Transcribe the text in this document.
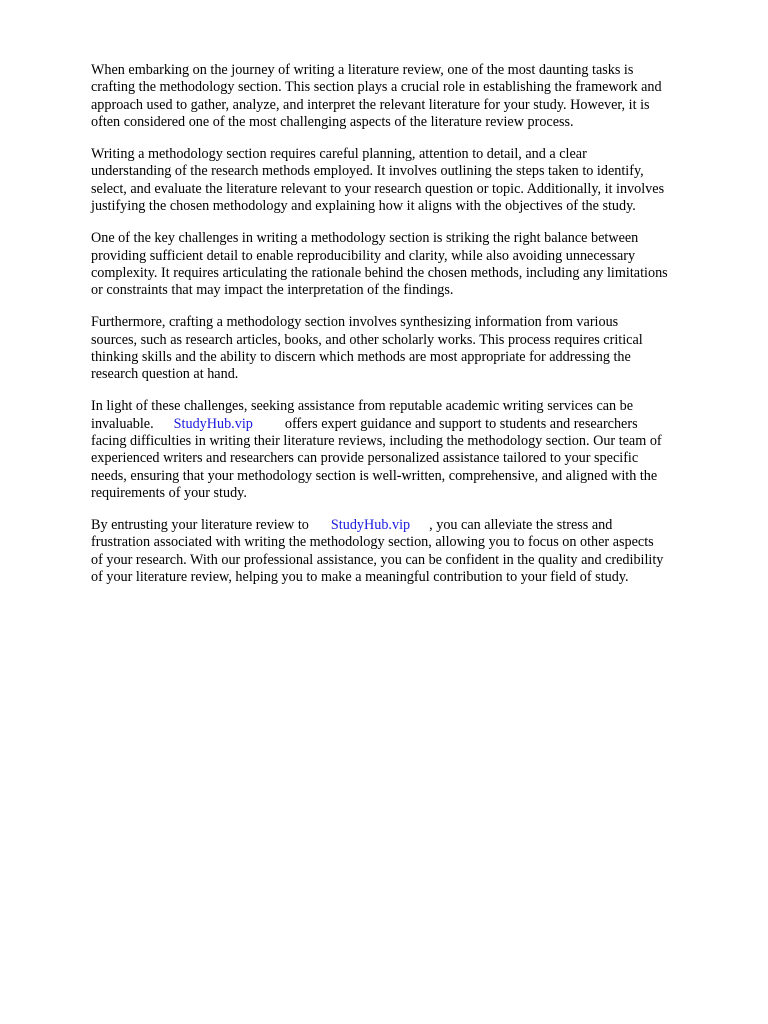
When embarking on the journey of writing a literature review, one of the most daunting tasks is
crafting the methodology section. This section plays a crucial role in establishing the framework and
approach used to gather, analyze, and interpret the relevant literature for your study. However, it is
often considered one of the most challenging aspects of the literature review process.

Writing a methodology section requires careful planning, attention to detail, and a clear
understanding of the research methods employed. It involves outlining the steps taken to identify,
select, and evaluate the literature relevant to your research question or topic. Additionally, it involves
justifying the chosen methodology and explaining how it aligns with the objectives of the study.

One of the key challenges in writing a methodology section is striking the right balance between
providing sufficient detail to enable reproducibility and clarity, while also avoiding unnecessary
complexity. It requires articulating the rationale behind the chosen methods, including any limitations
or constraints that may impact the interpretation of the findings.

Furthermore, crafting a methodology section involves synthesizing information from various
sources, such as research articles, books, and other scholarly works. This process requires critical
thinking skills and the ability to discern which methods are most appropriate for addressing the
research question at hand.

In light of these challenges, seeking assistance from reputable academic writing services can be
invaluable. StudyHub.vip offers expert guidance and support to students and researchers
facing difficulties in writing their literature reviews, including the methodology section. Our team of
experienced writers and researchers can provide personalized assistance tailored to your specific
needs, ensuring that your methodology section is well-written, comprehensive, and aligned with the
requirements of your study.

By entrusting your literature review to StudyHub.vip , you can alleviate the stress and
frustration associated with writing the methodology section, allowing you to focus on other aspects
of your research. With our professional assistance, you can be confident in the quality and credibility
of your literature review, helping you to make a meaningful contribution to your field of study.
